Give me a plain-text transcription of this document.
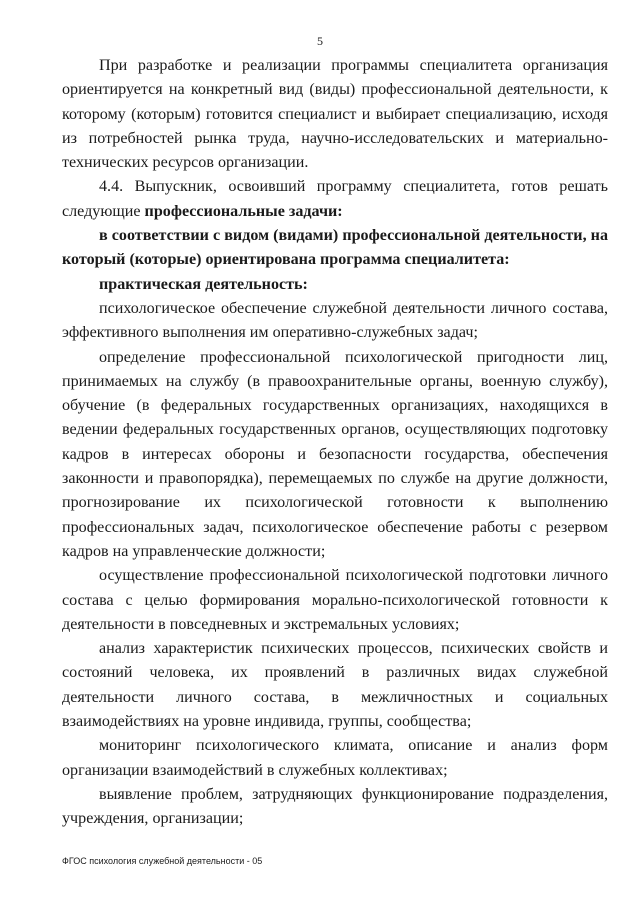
5

При разработке и реализации программы специалитета организация ориентируется на конкретный вид (виды) профессиональной деятельности, к которому (которым) готовится специалист и выбирает специализацию, исходя из потребностей рынка труда, научно-исследовательских и материально-технических ресурсов организации.

4.4. Выпускник, освоивший программу специалитета, готов решать следующие профессиональные задачи:

в соответствии с видом (видами) профессиональной деятельности, на который (которые) ориентирована программа специалитета:

практическая деятельность:

психологическое обеспечение служебной деятельности личного состава, эффективного выполнения им оперативно-служебных задач;

определение профессиональной психологической пригодности лиц, принимаемых на службу (в правоохранительные органы, военную службу), обучение (в федеральных государственных организациях, находящихся в ведении федеральных государственных органов, осуществляющих подготовку кадров в интересах обороны и безопасности государства, обеспечения законности и правопорядка), перемещаемых по службе на другие должности, прогнозирование их психологической готовности к выполнению профессиональных задач, психологическое обеспечение работы с резервом кадров на управленческие должности;

осуществление профессиональной психологической подготовки личного состава с целью формирования морально-психологической готовности к деятельности в повседневных и экстремальных условиях;

анализ характеристик психических процессов, психических свойств и состояний человека, их проявлений в различных видах служебной деятельности личного состава, в межличностных и социальных взаимодействиях на уровне индивида, группы, сообщества;

мониторинг психологического климата, описание и анализ форм организации взаимодействий в служебных коллективах;

выявление проблем, затрудняющих функционирование подразделения, учреждения, организации;

ФГОС психология служебной деятельности - 05
